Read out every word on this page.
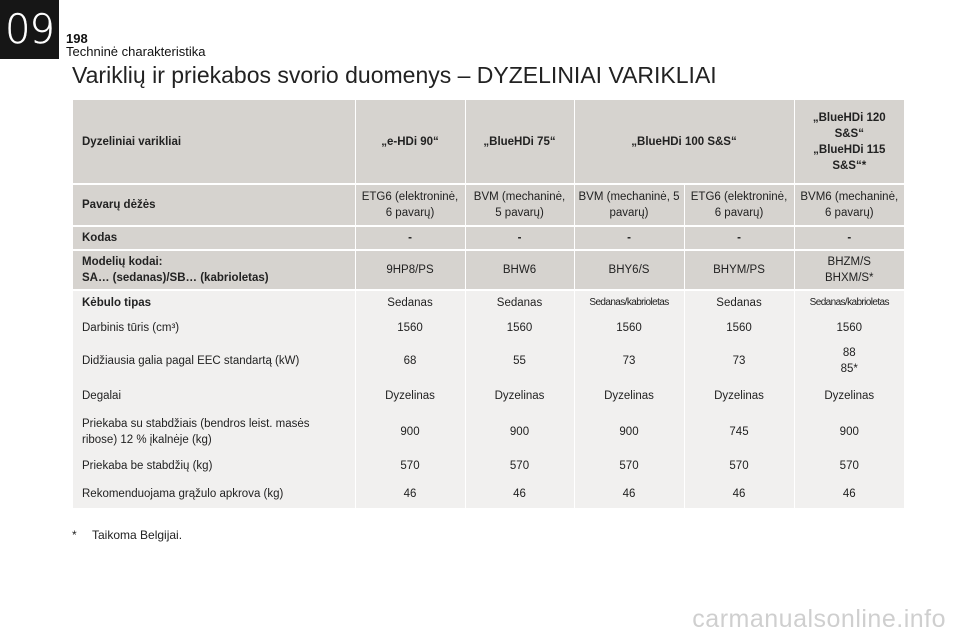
09 198
Techninė charakteristika
Variklių ir priekabos svorio duomenys – DYZELINIAI VARIKLIAI
Dyzeliniai varikliai	„e-HDi 90“	„BlueHDi 75“	„BlueHDi 100 S&S“		„BlueHDi 120 S&S“ „BlueHDi 115 S&S“*
Pavarų dėžės	ETG6 (elektroninė, 6 pavarų)	BVM (mechaninė, 5 pavarų)	BVM (mechaninė, 5 pavarų)	ETG6 (elektroninė, 6 pavarų)	BVM6 (mechaninė, 6 pavarų)
Kodas	-	-	-	-	-

Modelių kodai:
SA… (sedanas)/SB… (kabrioletas)	9HP8/PS	BHW6	BHY6/S	BHYM/PS	BHZM/S BHXM/S*
Kėbulo tipas	Sedanas	Sedanas	Sedanas/kabrioletas	Sedanas	Sedanas/kabrioletas
Darbinis tūris (cm³)	1560	1560	1560	1560	1560
Didžiausia galia pagal EEC standartą (kW)	68	55	73	73	88 85*
Degalai	Dyzelinas	Dyzelinas	Dyzelinas	Dyzelinas	Dyzelinas
Priekaba su stabdžiais (bendros leist. masės ribose) 12 % įkalnėje (kg)	900	900	900	745	900
Priekaba be stabdžių (kg)	570	570	570	570	570
Rekomenduojama grąžulo apkrova (kg)	46	46	46	46	46
* Taikoma Belgijai.
carmanualsonline.info
